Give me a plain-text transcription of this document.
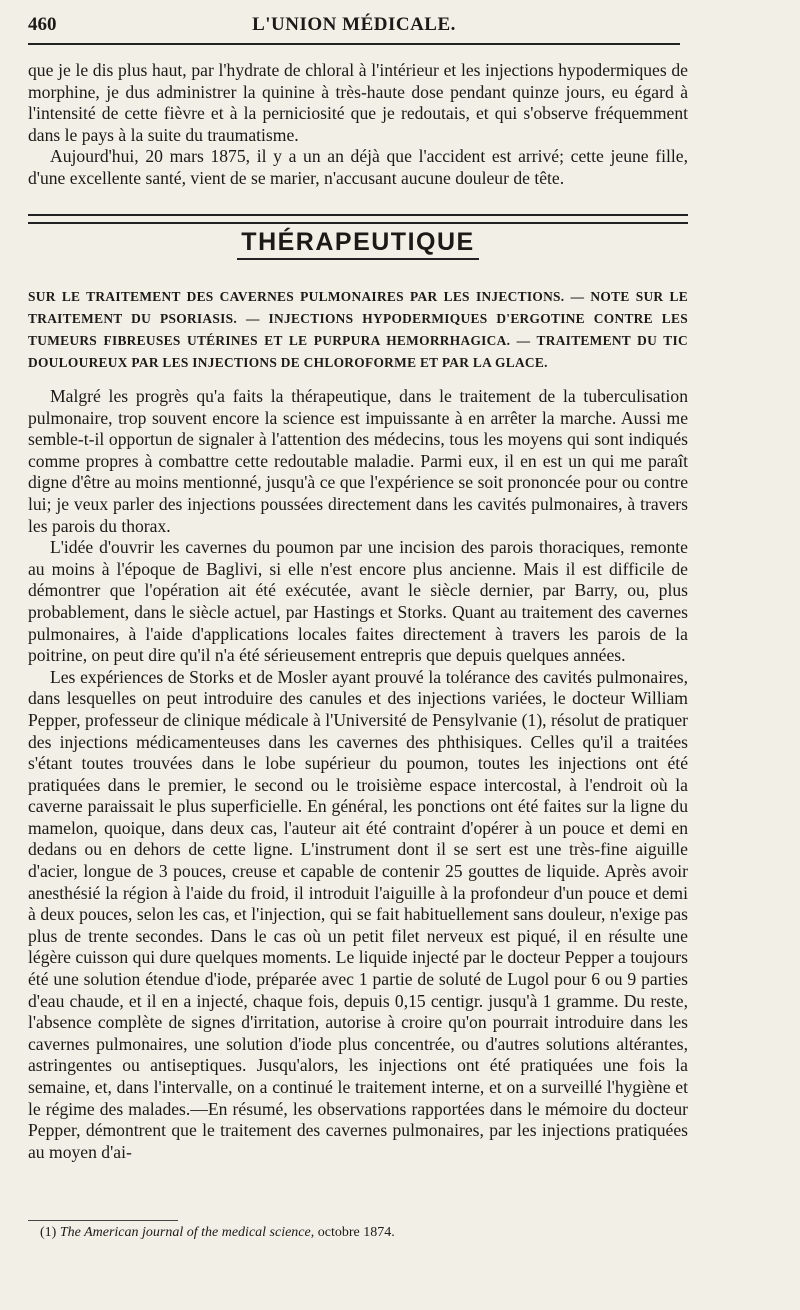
460	L'UNION MÉDICALE.

que je le dis plus haut, par l'hydrate de chloral à l'intérieur et les injections hypodermiques de morphine, je dus administrer la quinine à très-haute dose pendant quinze jours, eu égard à l'intensité de cette fièvre et à la perniciosité que je redoutais, et qui s'observe fréquemment dans le pays à la suite du traumatisme.

Aujourd'hui, 20 mars 1875, il y a un an déjà que l'accident est arrivé; cette jeune fille, d'une excellente santé, vient de se marier, n'accusant aucune douleur de tête.

THÉRAPEUTIQUE
SUR LE TRAITEMENT DES CAVERNES PULMONAIRES PAR LES INJECTIONS. — NOTE SUR LE TRAITEMENT DU PSORIASIS. — INJECTIONS HYPODERMIQUES D'ERGOTINE CONTRE LES TUMEURS FIBREUSES UTÉRINES ET LE PURPURA HEMORRHAGICA. — TRAITEMENT DU TIC DOULOUREUX PAR LES INJECTIONS DE CHLOROFORME ET PAR LA GLACE.

Malgré les progrès qu'a faits la thérapeutique, dans le traitement de la tuberculisation pulmonaire, trop souvent encore la science est impuissante à en arrêter la marche. Aussi me semble-t-il opportun de signaler à l'attention des médecins, tous les moyens qui sont indiqués comme propres à combattre cette redoutable maladie. Parmi eux, il en est un qui me paraît digne d'être au moins mentionné, jusqu'à ce que l'expérience se soit prononcée pour ou contre lui; je veux parler des injections poussées directement dans les cavités pulmonaires, à travers les parois du thorax.

L'idée d'ouvrir les cavernes du poumon par une incision des parois thoraciques, remonte au moins à l'époque de Baglivi, si elle n'est encore plus ancienne. Mais il est difficile de démontrer que l'opération ait été exécutée, avant le siècle dernier, par Barry, ou, plus probablement, dans le siècle actuel, par Hastings et Storks. Quant au traitement des cavernes pulmonaires, à l'aide d'applications locales faites directement à travers les parois de la poitrine, on peut dire qu'il n'a été sérieusement entrepris que depuis quelques années.

Les expériences de Storks et de Mosler ayant prouvé la tolérance des cavités pulmonaires, dans lesquelles on peut introduire des canules et des injections variées, le docteur William Pepper, professeur de clinique médicale à l'Université de Pensylvanie (1), résolut de pratiquer des injections médicamenteuses dans les cavernes des phthisiques. Celles qu'il a traitées s'étant toutes trouvées dans le lobe supérieur du poumon, toutes les injections ont été pratiquées dans le premier, le second ou le troisième espace intercostal, à l'endroit où la caverne paraissait le plus superficielle. En général, les ponctions ont été faites sur la ligne du mamelon, quoique, dans deux cas, l'auteur ait été contraint d'opérer à un pouce et demi en dedans ou en dehors de cette ligne. L'instrument dont il se sert est une très-fine aiguille d'acier, longue de 3 pouces, creuse et capable de contenir 25 gouttes de liquide. Après avoir anesthésié la région à l'aide du froid, il introduit l'aiguille à la profondeur d'un pouce et demi à deux pouces, selon les cas, et l'injection, qui se fait habituellement sans douleur, n'exige pas plus de trente secondes. Dans le cas où un petit filet nerveux est piqué, il en résulte une légère cuisson qui dure quelques moments. Le liquide injecté par le docteur Pepper a toujours été une solution étendue d'iode, préparée avec 1 partie de soluté de Lugol pour 6 ou 9 parties d'eau chaude, et il en a injecté, chaque fois, depuis 0,15 centigr. jusqu'à 1 gramme. Du reste, l'absence complète de signes d'irritation, autorise à croire qu'on pourrait introduire dans les cavernes pulmonaires, une solution d'iode plus concentrée, ou d'autres solutions altérantes, astringentes ou antiseptiques. Jusqu'alors, les injections ont été pratiquées une fois la semaine, et, dans l'intervalle, on a continué le traitement interne, et on a surveillé l'hygiène et le régime des malades.—En résumé, les observations rapportées dans le mémoire du docteur Pepper, démontrent que le traitement des cavernes pulmonaires, par les injections pratiquées au moyen d'ai-

(1) The American journal of the medical science, octobre 1874.
